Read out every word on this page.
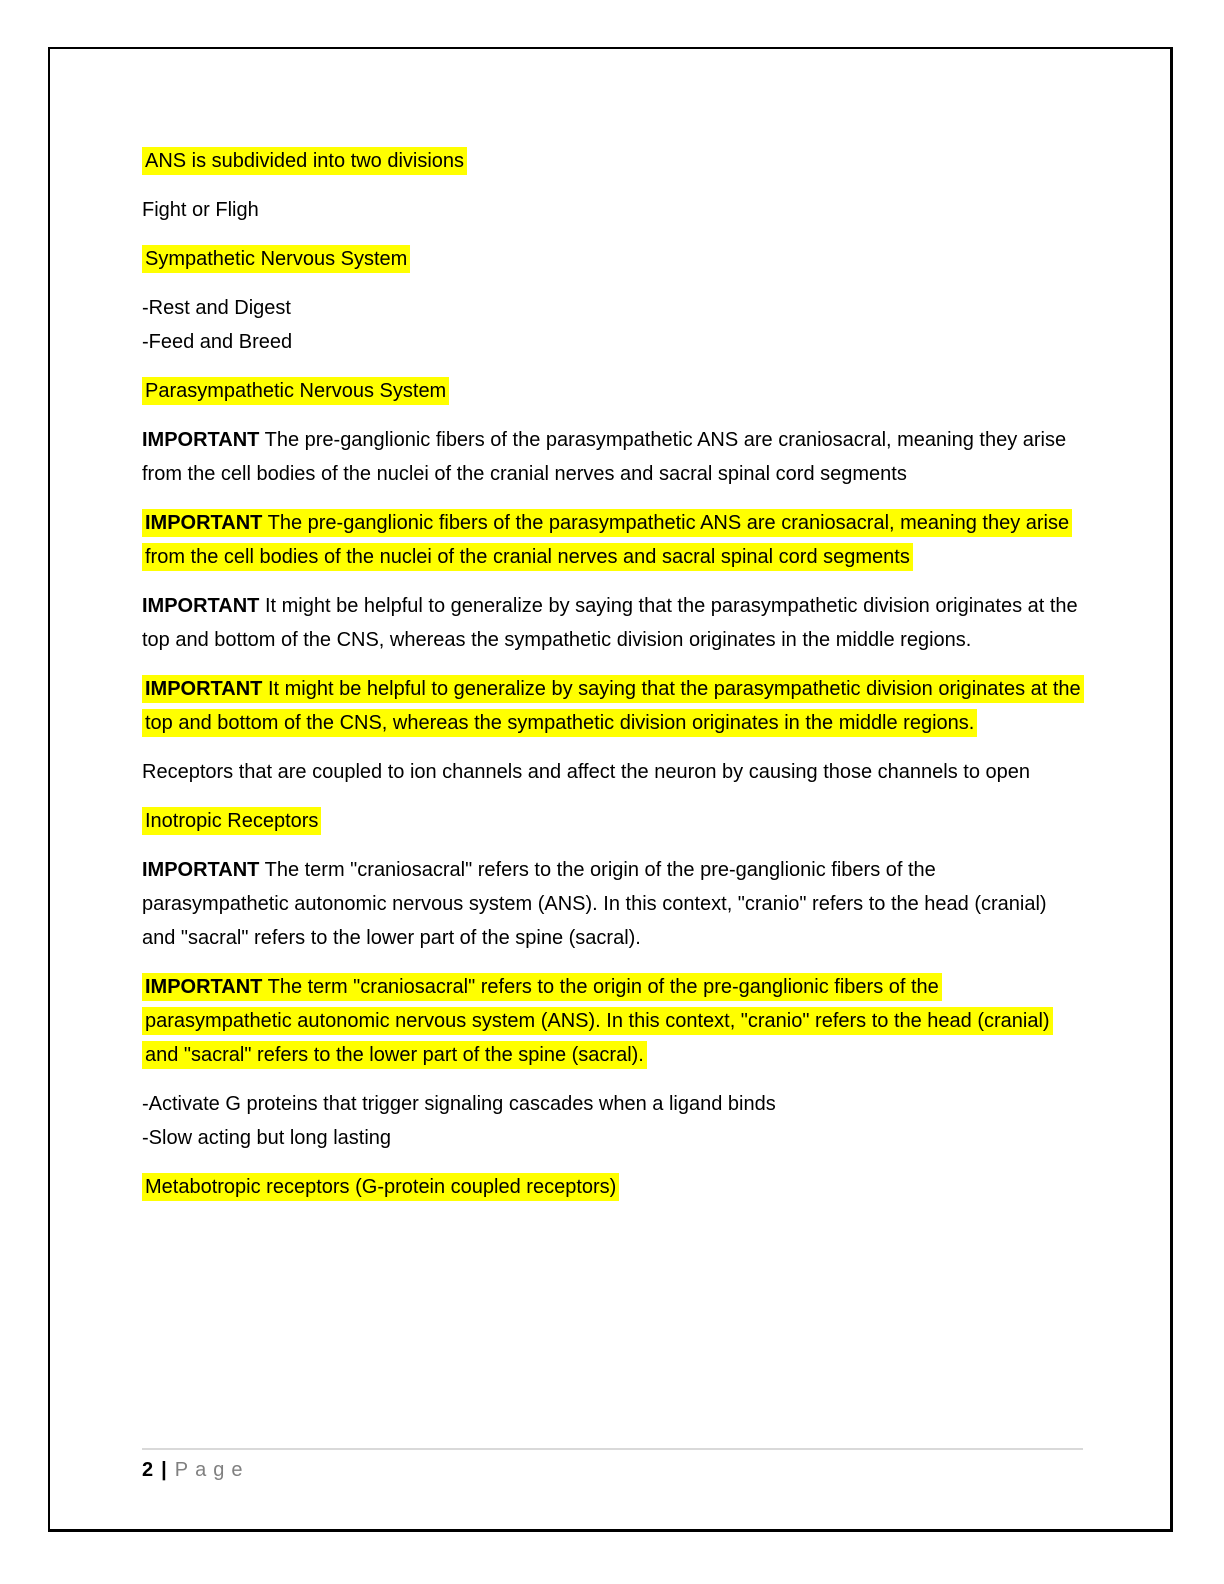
ANS is subdivided into two divisions

Fight or Fligh

Sympathetic Nervous System

-Rest and Digest
-Feed and Breed

Parasympathetic Nervous System

IMPORTANT The pre-ganglionic fibers of the parasympathetic ANS are craniosacral, meaning they arise from the cell bodies of the nuclei of the cranial nerves and sacral spinal cord segments

IMPORTANT The pre-ganglionic fibers of the parasympathetic ANS are craniosacral, meaning they arise from the cell bodies of the nuclei of the cranial nerves and sacral spinal cord segments

IMPORTANT It might be helpful to generalize by saying that the parasympathetic division originates at the top and bottom of the CNS, whereas the sympathetic division originates in the middle regions.

IMPORTANT It might be helpful to generalize by saying that the parasympathetic division originates at the top and bottom of the CNS, whereas the sympathetic division originates in the middle regions.

Receptors that are coupled to ion channels and affect the neuron by causing those channels to open

Inotropic Receptors

IMPORTANT The term "craniosacral" refers to the origin of the pre-ganglionic fibers of the parasympathetic autonomic nervous system (ANS). In this context, "cranio" refers to the head (cranial) and "sacral" refers to the lower part of the spine (sacral).

IMPORTANT The term "craniosacral" refers to the origin of the pre-ganglionic fibers of the parasympathetic autonomic nervous system (ANS). In this context, "cranio" refers to the head (cranial) and "sacral" refers to the lower part of the spine (sacral).

-Activate G proteins that trigger signaling cascades when a ligand binds
-Slow acting but long lasting

Metabotropic receptors (G-protein coupled receptors)

2 | Page
